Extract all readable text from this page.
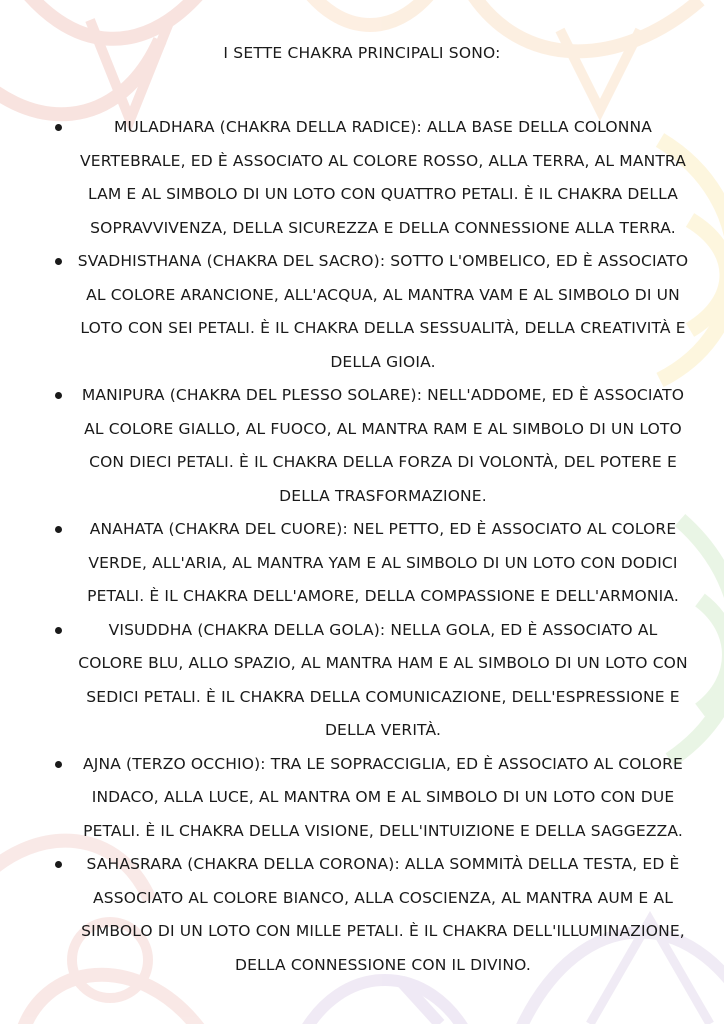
I SETTE CHAKRA PRINCIPALI SONO:
MULADHARA (CHAKRA DELLA RADICE): ALLA BASE DELLA COLONNA VERTEBRALE, ED È ASSOCIATO AL COLORE ROSSO, ALLA TERRA, AL MANTRA LAM E AL SIMBOLO DI UN LOTO CON QUATTRO PETALI. È IL CHAKRA DELLA SOPRAVVIVENZA, DELLA SICUREZZA E DELLA CONNESSIONE ALLA TERRA.
SVADHISTHANA (CHAKRA DEL SACRO): SOTTO L'OMBELICO, ED È ASSOCIATO AL COLORE ARANCIONE, ALL'ACQUA, AL MANTRA VAM E AL SIMBOLO DI UN LOTO CON SEI PETALI. È IL CHAKRA DELLA SESSUALITÀ, DELLA CREATIVITÀ E DELLA GIOIA.
MANIPURA (CHAKRA DEL PLESSO SOLARE): NELL'ADDOME, ED È ASSOCIATO AL COLORE GIALLO, AL FUOCO, AL MANTRA RAM E AL SIMBOLO DI UN LOTO CON DIECI PETALI. È IL CHAKRA DELLA FORZA DI VOLONTÀ, DEL POTERE E DELLA TRASFORMAZIONE.
ANAHATA (CHAKRA DEL CUORE): NEL PETTO, ED È ASSOCIATO AL COLORE VERDE, ALL'ARIA, AL MANTRA YAM E AL SIMBOLO DI UN LOTO CON DODICI PETALI. È IL CHAKRA DELL'AMORE, DELLA COMPASSIONE E DELL'ARMONIA.
VISUDDHA (CHAKRA DELLA GOLA): NELLA GOLA, ED È ASSOCIATO AL COLORE BLU, ALLO SPAZIO, AL MANTRA HAM E AL SIMBOLO DI UN LOTO CON SEDICI PETALI. È IL CHAKRA DELLA COMUNICAZIONE, DELL'ESPRESSIONE E DELLA VERITÀ.
AJNA (TERZO OCCHIO): TRA LE SOPRACCIGLIA, ED È ASSOCIATO AL COLORE INDACO, ALLA LUCE, AL MANTRA OM E AL SIMBOLO DI UN LOTO CON DUE PETALI. È IL CHAKRA DELLA VISIONE, DELL'INTUIZIONE E DELLA SAGGEZZA.
SAHASRARA (CHAKRA DELLA CORONA): ALLA SOMMITÀ DELLA TESTA, ED È ASSOCIATO AL COLORE BIANCO, ALLA COSCIENZA, AL MANTRA AUM E AL SIMBOLO DI UN LOTO CON MILLE PETALI. È IL CHAKRA DELL'ILLUMINAZIONE, DELLA CONNESSIONE CON IL DIVINO.
